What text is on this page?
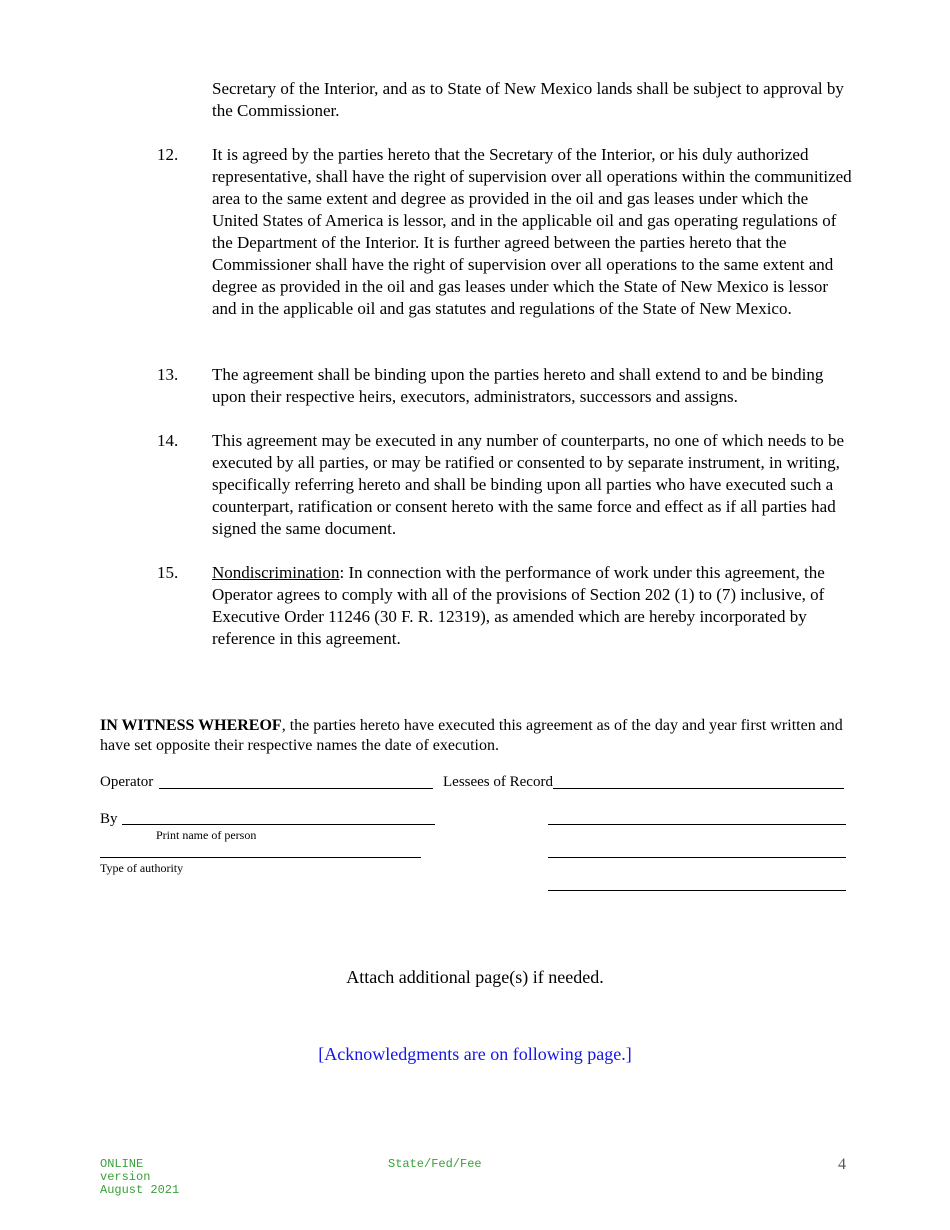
Secretary of the Interior, and as to State of New Mexico lands shall be subject to approval by the Commissioner.
12.	It is agreed by the parties hereto that the Secretary of the Interior, or his duly authorized representative, shall have the right of supervision over all operations within the communitized area to the same extent and degree as provided in the oil and gas leases under which the United States of America is lessor, and in the applicable oil and gas operating regulations of the Department of the Interior. It is further agreed between the parties hereto that the Commissioner shall have the right of supervision over all operations to the same extent and degree as provided in the oil and gas leases under which the State of New Mexico is lessor and in the applicable oil and gas statutes and regulations of the State of New Mexico.
13.	The agreement shall be binding upon the parties hereto and shall extend to and be binding upon their respective heirs, executors, administrators, successors and assigns.
14.	This agreement may be executed in any number of counterparts, no one of which needs to be executed by all parties, or may be ratified or consented to by separate instrument, in writing, specifically referring hereto and shall be binding upon all parties who have executed such a counterpart, ratification or consent hereto with the same force and effect as if all parties had signed the same document.
15.	Nondiscrimination: In connection with the performance of work under this agreement, the Operator agrees to comply with all of the provisions of Section 202 (1) to (7) inclusive, of Executive Order 11246 (30 F. R. 12319), as amended which are hereby incorporated by reference in this agreement.
IN WITNESS WHEREOF, the parties hereto have executed this agreement as of the day and year first written and have set opposite their respective names the date of execution.
Operator	Lessees of Record
By
Print name of person
Type of authority
Attach additional page(s) if needed.
[Acknowledgments are on following page.]
ONLINE
version
August 2021
State/Fed/Fee	4
